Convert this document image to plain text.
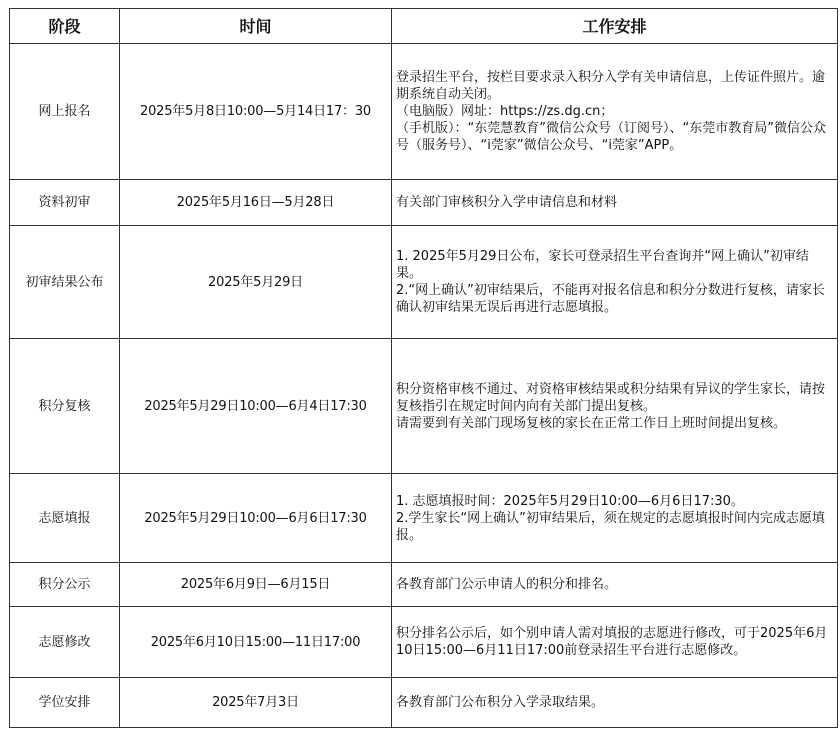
阶段	时间	工作安排
网上报名	2025年5月8日10:00—5月14日17：30	登录招生平台，按栏目要求录入积分入学有关申请信息，上传证件照片。逾期系统自动关闭。
（电脑版）网址：https://zs.dg.cn；
（手机版）：“东莞慧教育”微信公众号（订阅号）、“东莞市教育局”微信公众号（服务号）、“i莞家”微信公众号、“i莞家”APP。

资料初审	2025年5月16日—5月28日	有关部门审核积分入学申请信息和材料

初审结果公布	2025年5月29日	1. 2025年5月29日公布，家长可登录招生平台查询并“网上确认”初审结果。
2.“网上确认”初审结果后，不能再对报名信息和积分分数进行复核，请家长确认初审结果无误后再进行志愿填报。

积分复核	2025年5月29日10:00—6月4日17:30	积分资格审核不通过、对资格审核结果或积分结果有异议的学生家长，请按复核指引在规定时间内向有关部门提出复核。
请需要到有关部门现场复核的家长在正常工作日上班时间提出复核。

志愿填报	2025年5月29日10:00—6月6日17:30	1. 志愿填报时间：2025年5月29日10:00—6月6日17:30。
2.学生家长“网上确认”初审结果后，须在规定的志愿填报时间内完成志愿填报。

积分公示	2025年6月9日—6月15日	各教育部门公示申请人的积分和排名。

志愿修改	2025年6月10日15:00—11日17:00	积分排名公示后，如个别申请人需对填报的志愿进行修改，可于2025年6月10日15:00—6月11日17:00前登录招生平台进行志愿修改。

学位安排	2025年7月3日	各教育部门公布积分入学录取结果。
